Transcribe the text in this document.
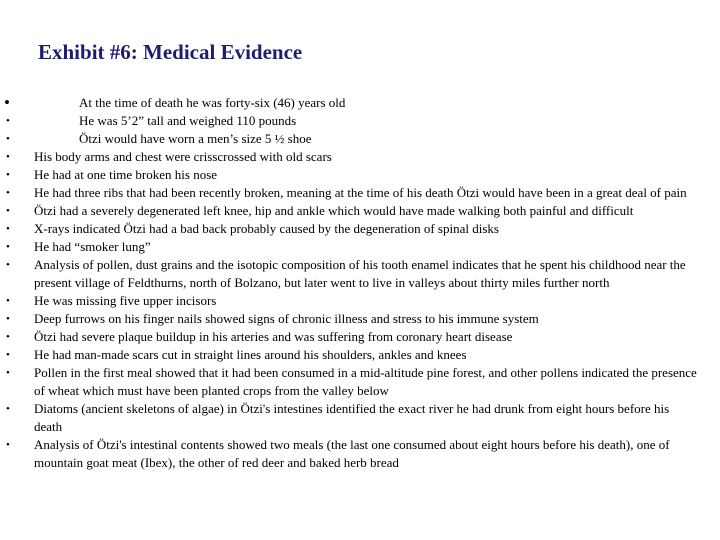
Exhibit #6: Medical Evidence
•	At the time of death he was forty-six (46) years old
•	He was 5’2” tall and weighed 110 pounds
•	Ötzi would have worn a men’s size 5 ½ shoe
• His body arms and chest were crisscrossed with old scars
• He had at one time broken his nose
• He had three ribs that had been recently broken, meaning at the time of his death Ötzi would have been in a great deal of pain
• Ötzi had a severely degenerated left knee, hip and ankle which would have made walking both painful and difficult
• X-rays indicated Ötzi had a bad back probably caused by the degeneration of spinal disks
• He had “smoker lung”
• Analysis of pollen, dust grains and the isotopic composition of his tooth enamel indicates that he spent his childhood near the present village of Feldthurns, north of Bolzano, but later went to live in valleys about thirty miles further north
• He was missing five upper incisors
• Deep furrows on his finger nails showed signs of chronic illness and stress to his immune system
• Ötzi had severe plaque buildup in his arteries and was suffering from coronary heart disease
• He had man-made scars cut in straight lines around his shoulders, ankles and knees
• Pollen in the first meal showed that it had been consumed in a mid-altitude pine forest, and other pollens indicated the presence of wheat which must have been planted crops from the valley below
• Diatoms (ancient skeletons of algae) in Ötzi's intestines identified the exact river he had drunk from eight hours before his death
• Analysis of Ötzi's intestinal contents showed two meals (the last one consumed about eight hours before his death), one of mountain goat meat (Ibex), the other of red deer and baked herb bread
